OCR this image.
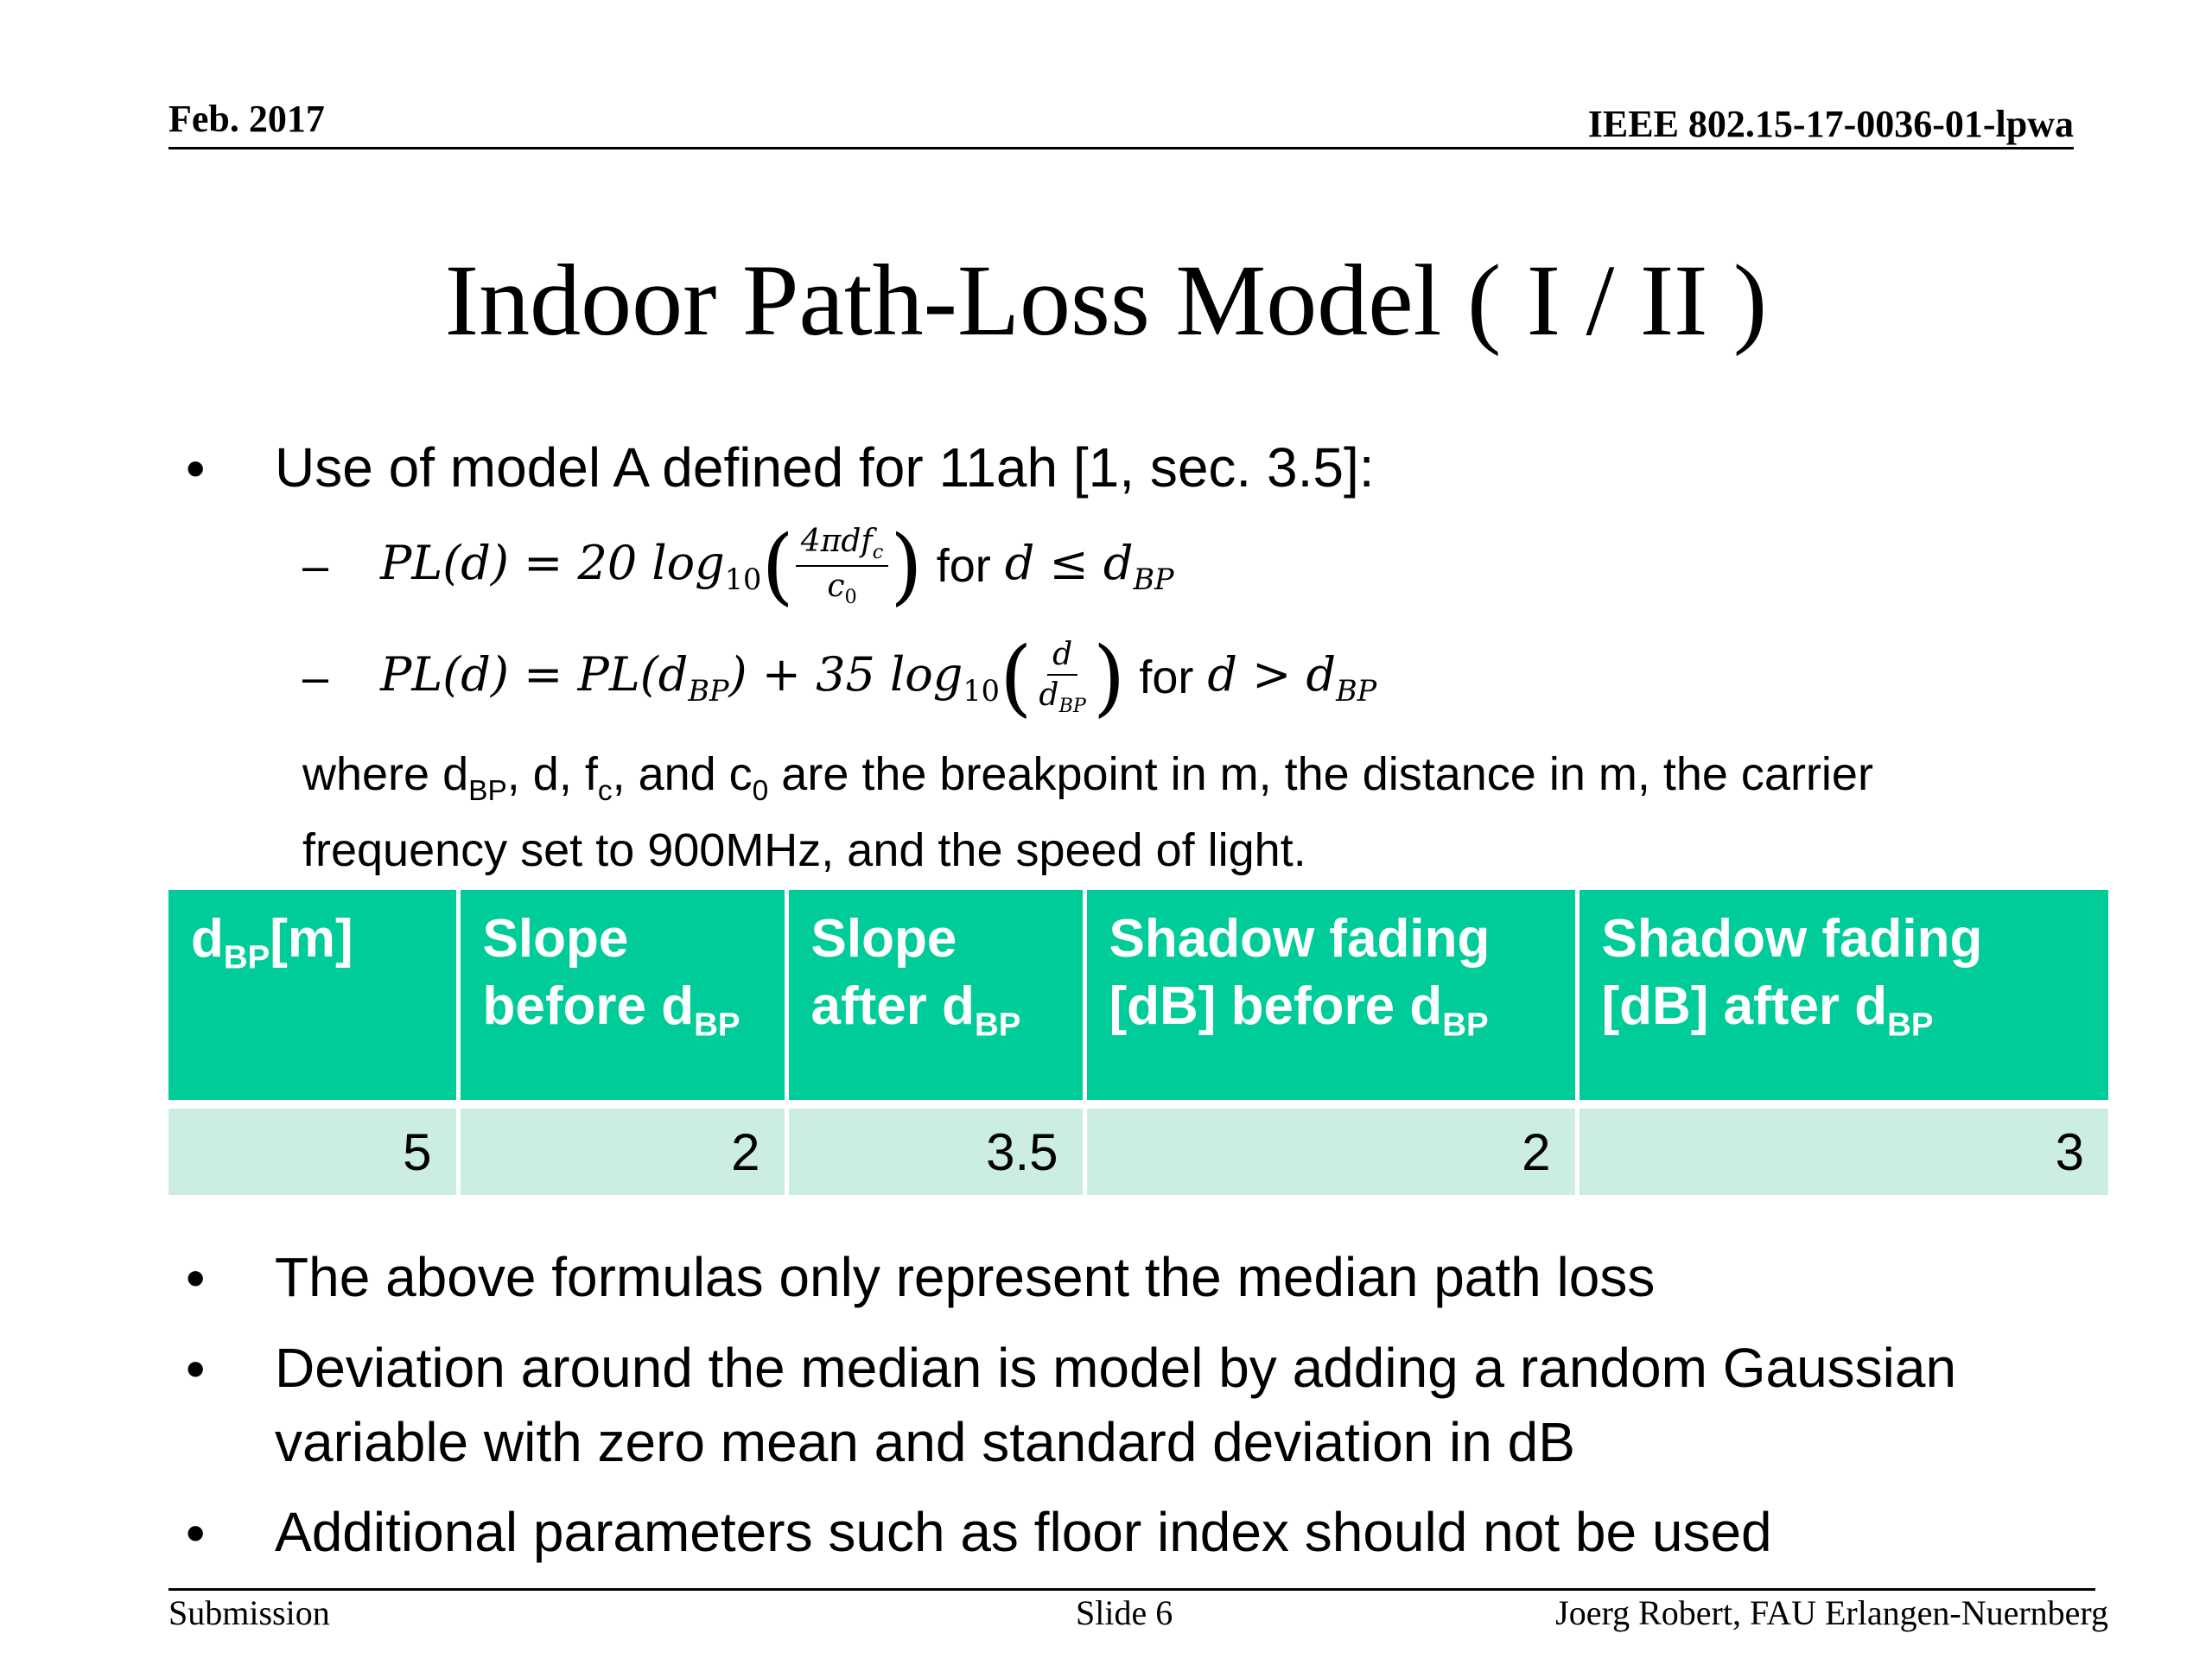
Feb. 2017	IEEE 802.15-17-0036-01-lpwa
Indoor Path-Loss Model ( I / II )
• Use of model A defined for 11ah [1, sec. 3.5]:
– PL(d) = 20 $\log_{10}$ ( $\frac{4\pi df_c}{c_0}$ ) for $d \le d_{BP}$
– $PL(d) = PL(d_{BP}) + 35$ $\log_{10}$ ( $\frac{d}{d_{BP}}$ ) for $d > d_{BP}$
where $d_{BP}$, d, $f_c$, and $c_0$ are the breakpoint in m, the distance in m, the carrier frequency set to 900MHz, and the speed of light.
$d_{BP}[m]$	Slope before $d_{BP}$	Slope after $d_{BP}$	Shadow fading [dB] before $d_{BP}$	Shadow fading [dB] after $d_{BP}$
5	2	3.5	2	3
• The above formulas only represent the median path loss
• Deviation around the median is model by adding a random Gaussian variable with zero mean and standard deviation in dB
• Additional parameters such as floor index should not be used
Submission	Slide 6	Joerg Robert, FAU Erlangen-Nuernberg
